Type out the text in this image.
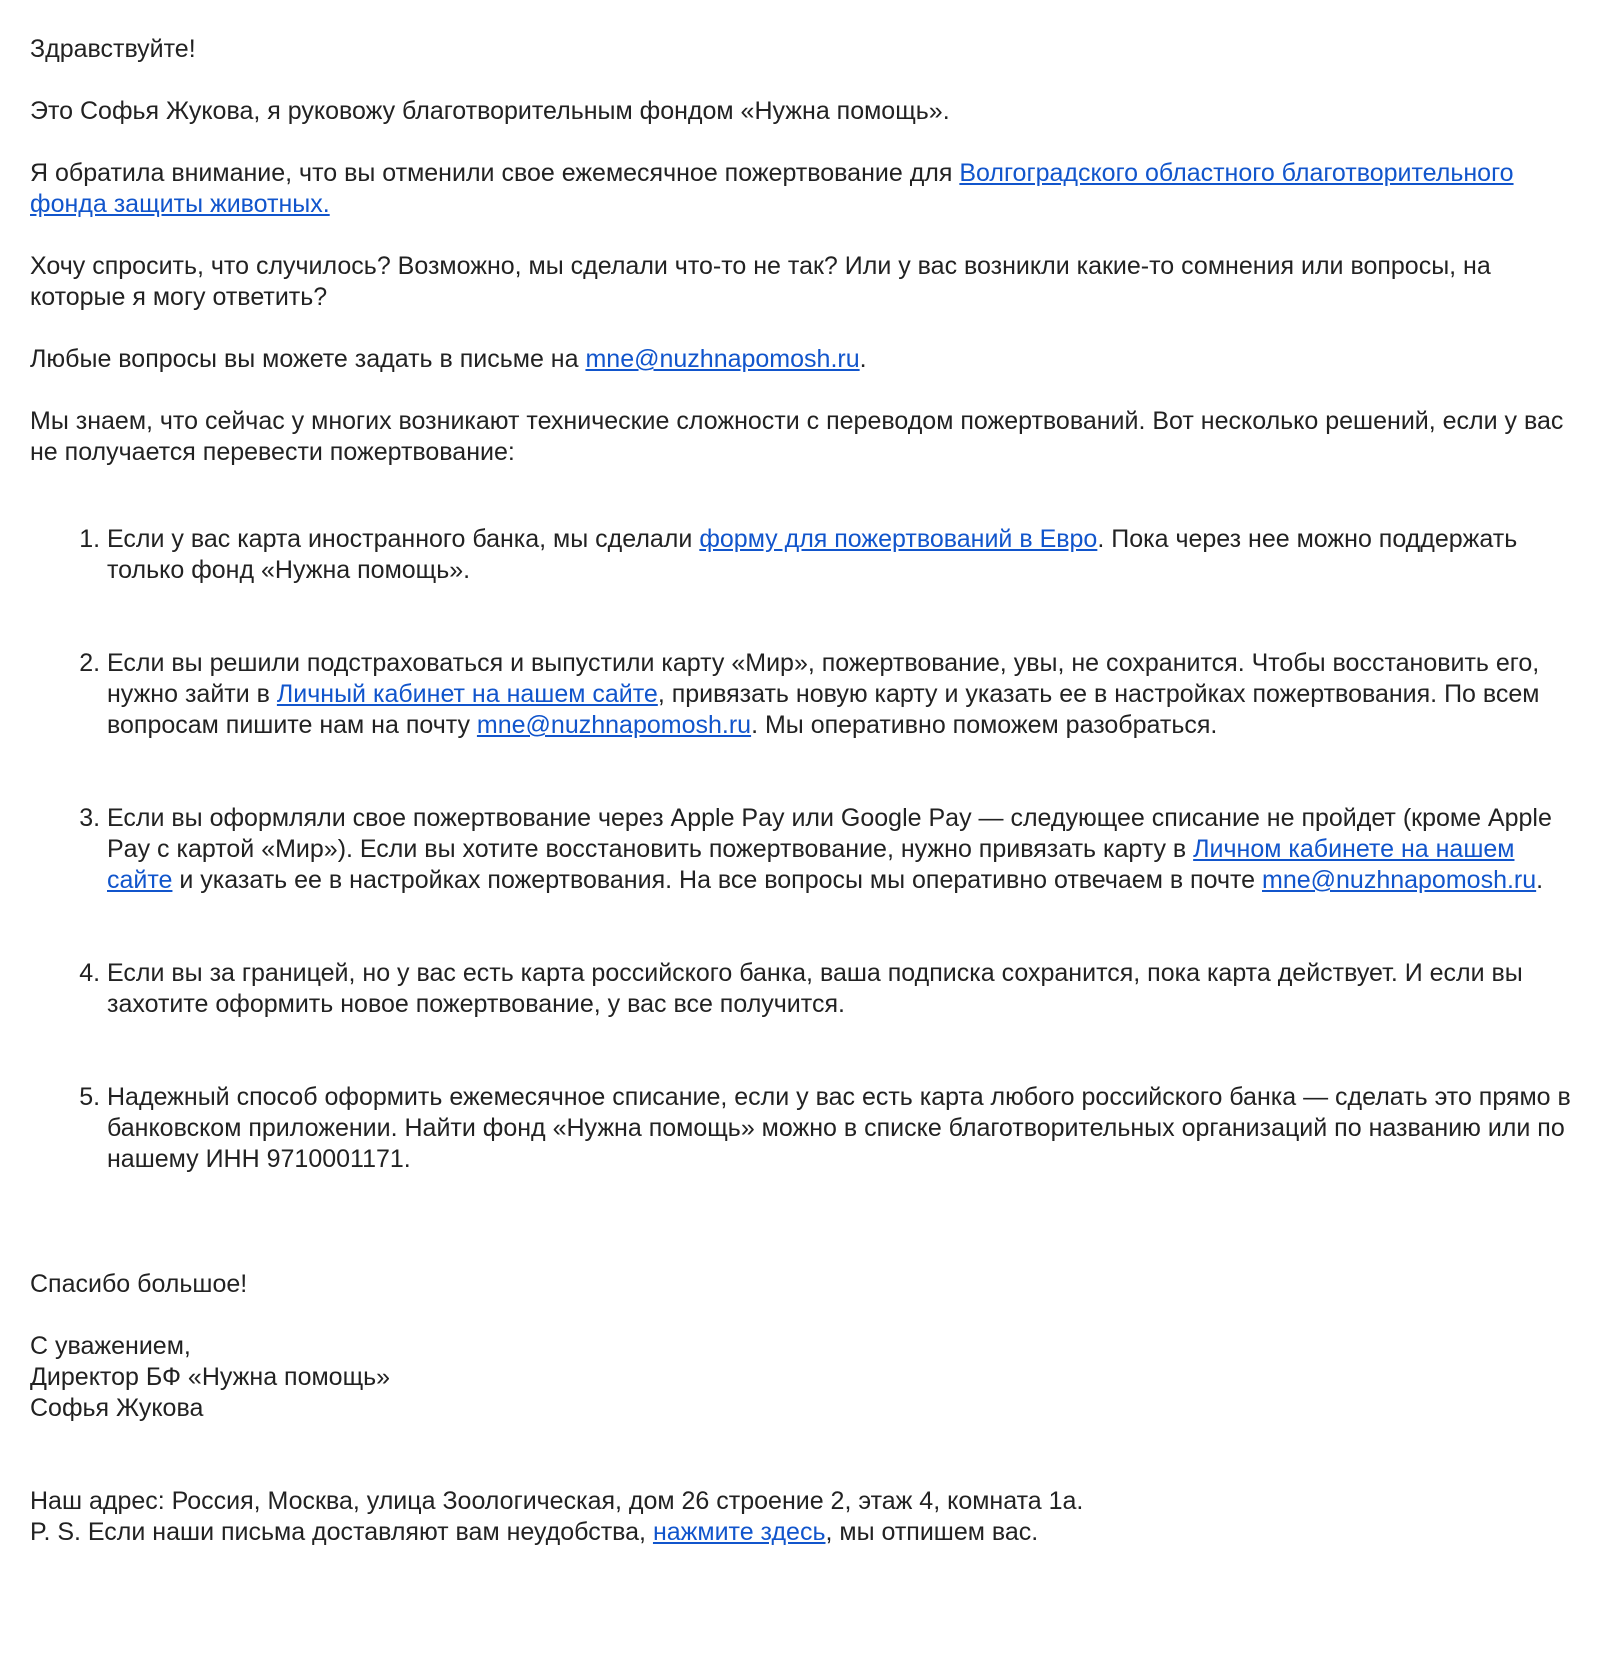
Здравствуйте!

Это Софья Жукова, я руковожу благотворительным фондом «Нужна помощь».

Я обратила внимание, что вы отменили свое ежемесячное пожертвование для Волгоградского областного благотворительного фонда защиты животных.

Хочу спросить, что случилось? Возможно, мы сделали что-то не так? Или у вас возникли какие-то сомнения или вопросы, на которые я могу ответить?

Любые вопросы вы можете задать в письме на mne@nuzhnapomosh.ru.

Мы знаем, что сейчас у многих возникают технические сложности с переводом пожертвований. Вот несколько решений, если у вас не получается перевести пожертвование:

1. Если у вас карта иностранного банка, мы сделали форму для пожертвований в Евро. Пока через нее можно поддержать только фонд «Нужна помощь».
2. Если вы решили подстраховаться и выпустили карту «Мир», пожертвование, увы, не сохранится. Чтобы восстановить его, нужно зайти в Личный кабинет на нашем сайте, привязать новую карту и указать ее в настройках пожертвования. По всем вопросам пишите нам на почту mne@nuzhnapomosh.ru. Мы оперативно поможем разобраться.
3. Если вы оформляли свое пожертвование через Apple Pay или Google Pay — следующее списание не пройдет (кроме Apple Pay с картой «Мир»). Если вы хотите восстановить пожертвование, нужно привязать карту в Личном кабинете на нашем сайте и указать ее в настройках пожертвования. На все вопросы мы оперативно отвечаем в почте mne@nuzhnapomosh.ru.
4. Если вы за границей, но у вас есть карта российского банка, ваша подписка сохранится, пока карта действует. И если вы захотите оформить новое пожертвование, у вас все получится.
5. Надежный способ оформить ежемесячное списание, если у вас есть карта любого российского банка — сделать это прямо в банковском приложении. Найти фонд «Нужна помощь» можно в списке благотворительных организаций по названию или по нашему ИНН 9710001171.

Спасибо большое!

С уважением,
Директор БФ «Нужна помощь»
Софья Жукова
Наш адрес: Россия, Москва, улица Зоологическая, дом 26 строение 2, этаж 4, комната 1а.
P. S. Если наши письма доставляют вам неудобства, нажмите здесь, мы отпишем вас.
